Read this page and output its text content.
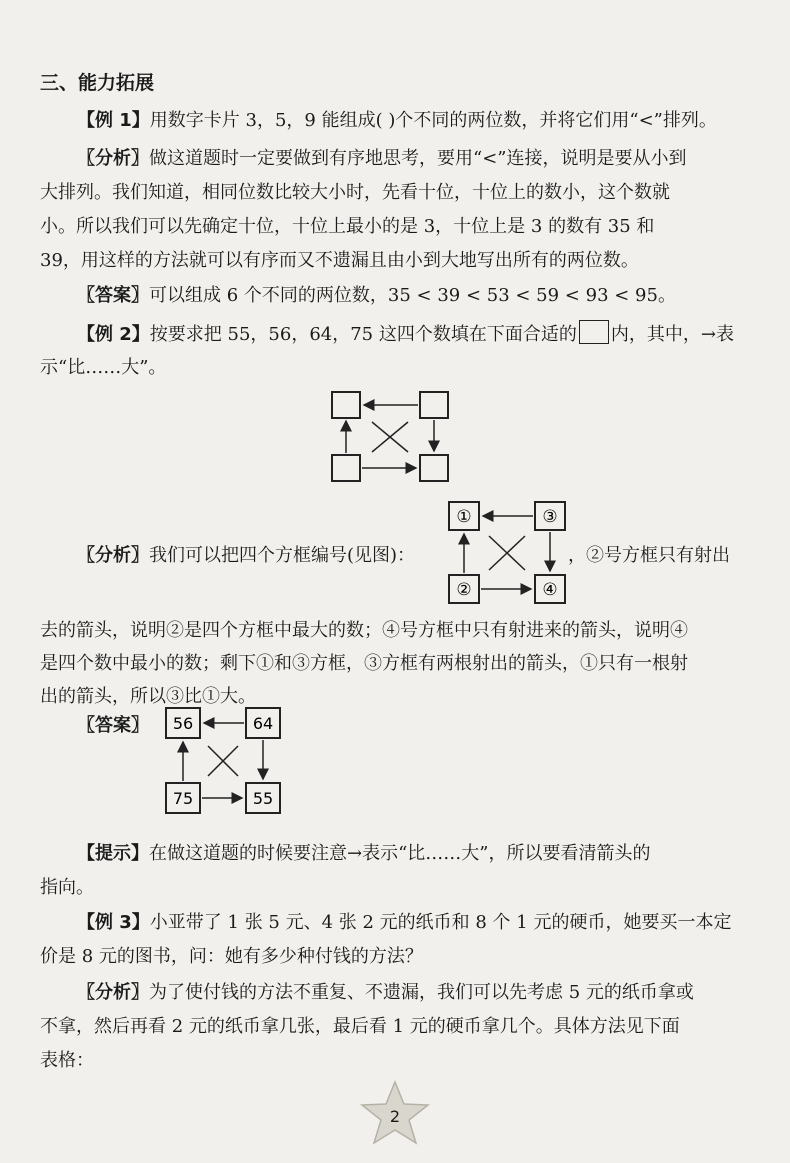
三、能力拓展
【例 1】用数字卡片 3，5，9 能组成( )个不同的两位数，并将它们用“<”排列。
〖分析〗做这道题时一定要做到有序地思考，要用“<”连接，说明是要从小到
大排列。我们知道，相同位数比较大小时，先看十位，十位上的数小，这个数就
小。所以我们可以先确定十位，十位上最小的是 3，十位上是 3 的数有 35 和
39，用这样的方法就可以有序而又不遗漏且由小到大地写出所有的两位数。
〖答案〗可以组成 6 个不同的两位数，35 < 39 < 53 < 59 < 93 < 95。
【例 2】按要求把 55，56，64，75 这四个数填在下面合适的 内，其中，→表
示“比……大”。
①	③
②	④
〖分析〗我们可以把四个方框编号(见图)：	，②号方框只有射出
去的箭头，说明②是四个方框中最大的数；④号方框中只有射进来的箭头，说明④
是四个数中最小的数；剩下①和③方框，③方框有两根射出的箭头，①只有一根射
出的箭头，所以③比①大。
〖答案〗 56	64
75	55
【提示】在做这道题的时候要注意→表示“比……大”，所以要看清箭头的
指向。
【例 3】小亚带了 1 张 5 元、4 张 2 元的纸币和 8 个 1 元的硬币，她要买一本定
价是 8 元的图书，问：她有多少种付钱的方法？
〖分析〗为了使付钱的方法不重复、不遗漏，我们可以先考虑 5 元的纸币拿或
不拿，然后再看 2 元的纸币拿几张，最后看 1 元的硬币拿几个。具体方法见下面
表格：
2
